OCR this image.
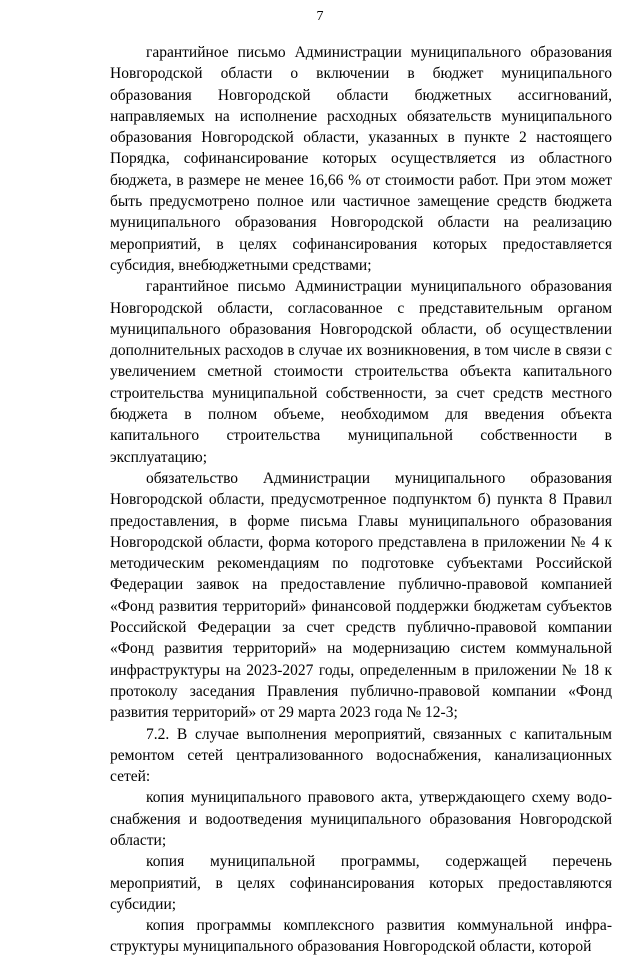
7

гарантийное письмо Администрации муниципального образования Новгородской области о включении в бюджет муниципального образования Новгородской области бюджетных ассигнований, направляемых на исполнение расходных обязательств муниципального образования Новгородской области, указанных в пункте 2 настоящего Порядка, софинансирование которых осуществляется из областного бюджета, в размере не менее 16,66 % от стоимости работ. При этом может быть предусмотрено полное или частичное замещение средств бюджета муниципального образования Новгородской области на реализацию мероприятий, в целях софинансирования которых предоставляется субсидия, внебюджетными средствами;

гарантийное письмо Администрации муниципального образования Новгородской области, согласованное с представительным органом муниципального образования Новгородской области, об осуществлении дополнительных расходов в случае их возникновения, в том числе в связи с увеличением сметной стоимости строительства объекта капитального строительства муниципальной собственности, за счет средств местного бюджета в полном объеме, необходимом для введения объекта капитального строительства муниципальной собственности в эксплуатацию;

обязательство Администрации муниципального образования Новгородской области, предусмотренное подпунктом б) пункта 8 Правил предоставления, в форме письма Главы муниципального образования Новгородской области, форма которого представлена в приложении № 4 к методическим рекомендациям по подготовке субъектами Российской Федерации заявок на предоставление публично-правовой компанией «Фонд развития территорий» финансовой поддержки бюджетам субъектов Российской Федерации за счет средств публично-правовой компании «Фонд развития территорий» на модернизацию систем коммунальной инфраструктуры на 2023-2027 годы, определенным в приложении № 18 к протоколу заседания Правления публично-правовой компании «Фонд развития территорий» от 29 марта 2023 года № 12-3;

7.2. В случае выполнения мероприятий, связанных с капитальным ремонтом сетей централизованного водоснабжения, канализационных сетей:

копия муниципального правового акта, утверждающего схему водоснабжения и водоотведения муниципального образования Новгородской области;

копия муниципальной программы, содержащей перечень мероприятий, в целях софинансирования которых предоставляются субсидии;

копия программы комплексного развития коммунальной инфраструктуры муниципального образования Новгородской области, которой
